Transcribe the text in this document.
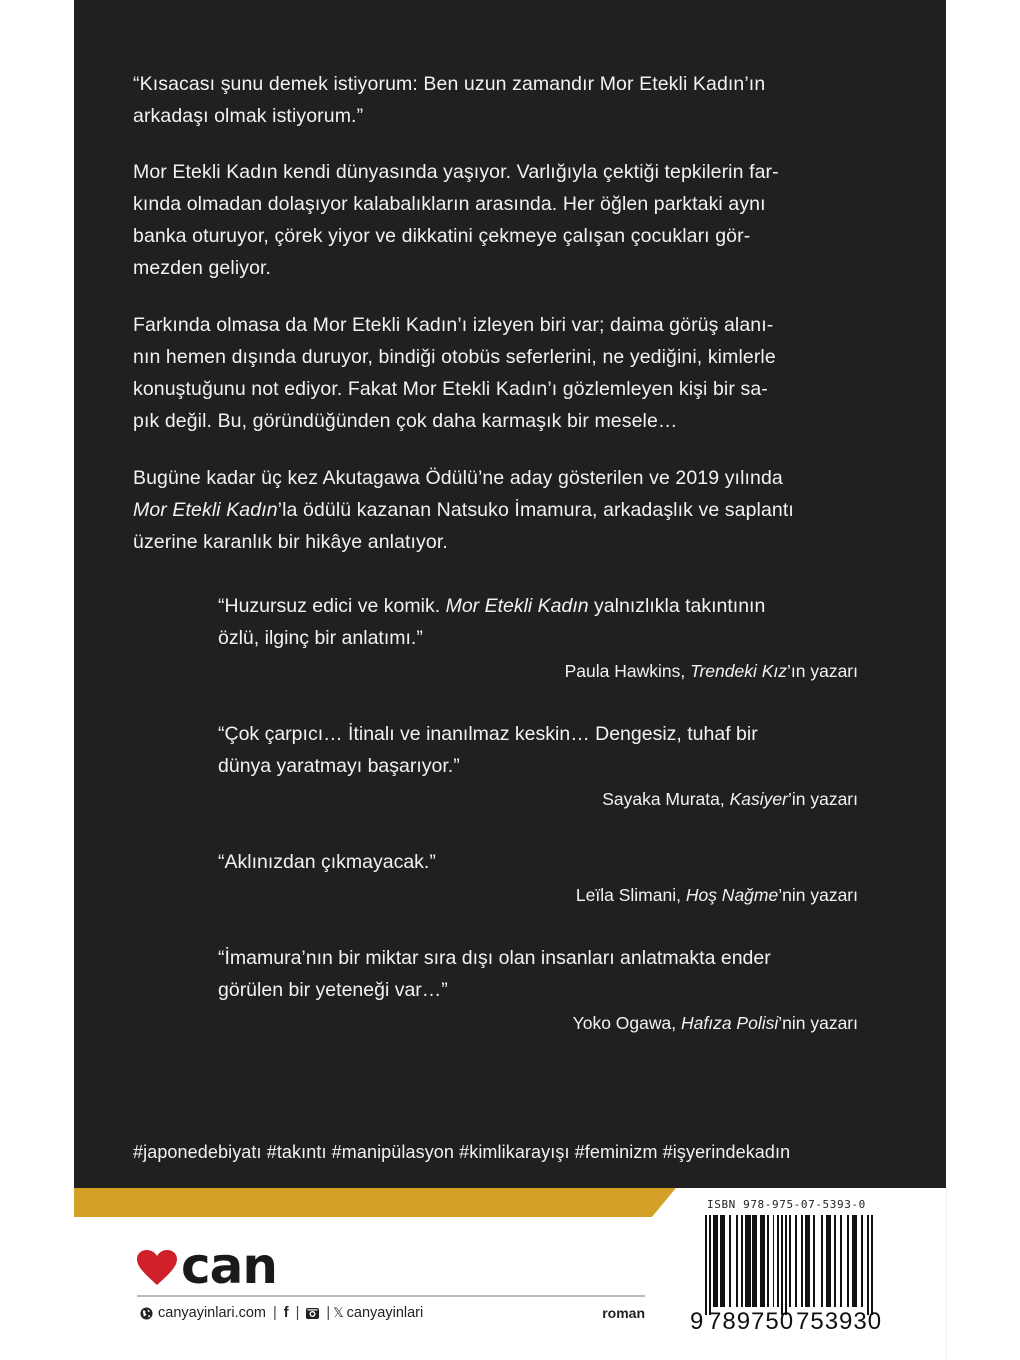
“Kısacası şunu demek istiyorum: Ben uzun zamandır Mor Etekli Kadın’ın

arkadaşı olmak istiyorum.”

Mor Etekli Kadın kendi dünyasında yaşıyor. Varlığıyla çektiği tepkilerin far-

kında olmadan dolaşıyor kalabalıkların arasında. Her öğlen parktaki aynı

banka oturuyor, çörek yiyor ve dikkatini çekmeye çalışan çocukları gör-

mezden geliyor.

Farkında olmasa da Mor Etekli Kadın’ı izleyen biri var; daima görüş alanı-

nın hemen dışında duruyor, bindiği otobüs seferlerini, ne yediğini, kimlerle

konuştuğunu not ediyor. Fakat Mor Etekli Kadın’ı gözlemleyen kişi bir sa-

pık değil. Bu, göründüğünden çok daha karmaşık bir mesele…

Bugüne kadar üç kez Akutagawa Ödülü’ne aday gösterilen ve 2019 yılında

Mor Etekli Kadın’la ödülü kazanan Natsuko İmamura, arkadaşlık ve saplantı

üzerine karanlık bir hikâye anlatıyor.

“Huzursuz edici ve komik. Mor Etekli Kadın yalnızlıkla takıntının

özlü, ilginç bir anlatımı.”

Paula Hawkins, Trendeki Kız’ın yazarı

“Çok çarpıcı… İtinalı ve inanılmaz keskin… Dengesiz, tuhaf bir

dünya yaratmayı başarıyor.”

Sayaka Murata, Kasiyer’in yazarı

“Aklınızdan çıkmayacak.”

Leïla Slimani, Hoş Nağme’nin yazarı

“İmamura’nın bir miktar sıra dışı olan insanları anlatmakta ender

görülen bir yeteneği var…”

Yoko Ogawa, Hafıza Polisi’nin yazarı

#japonedebiyatı #takıntı #manipülasyon #kimlikarayışı #feminizm #işyerindekadın
can
canyayinlari.com | f | | 𝕏 canyayinlari	roman
ISBN 978-975-07-5393-0
9 789750 753930
